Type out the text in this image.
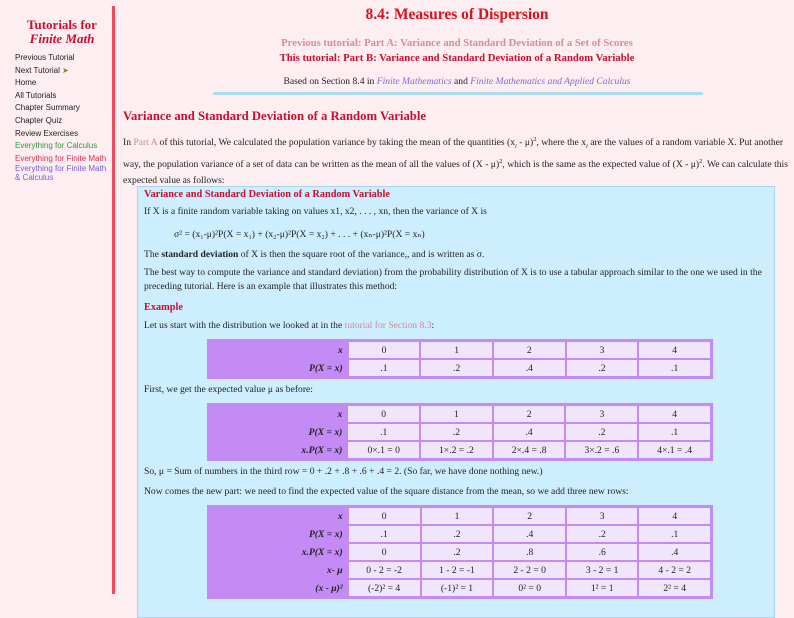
Tutorials for
Finite Math
Previous Tutorial
Next Tutorial ➤
Home
All Tutorials
Chapter Summary
Chapter Quiz
Review Exercises
Everything for Calculus
Everything for Finite Math
Everything for Finite Math & Calculus
8.4: Measures of Dispersion
Previous tutorial: Part A: Variance and Standard Deviation of a Set of Scores
This tutorial: Part B: Variance and Standard Deviation of a Random Variable
Based on Section 8.4 in Finite Mathematics and Finite Mathematics and Applied Calculus
Variance and Standard Deviation of a Random Variable
In Part A of this tutorial, We calculated the population variance by taking the mean of the quantities $(x_i - \mu)^2$, where the $x_i$ are the values of a random variable X. Put another way, the population variance of a set of data can be written as the mean of all the values of (X - μ)$^2$, which is the same as the expected value of (X - μ)$^2$. We can calculate this expected value as follows:
Variance and Standard Deviation of a Random Variable
If X is a finite random variable taking on values x1, x2, . . . , xn, then the variance of X is
σ² = (x₁-μ)²P(X = x₁) + (x₂-μ)²P(X = x₂) + . . . + (xₙ-μ)²P(X = xₙ)
The standard deviation of X is then the square root of the variance,, and is written as σ.
The best way to compute the variance and standard deviation) from the probability distribution of X is to use a tabular approach similar to the one we used in the preceding tutorial. Here is an example that illustrates this method:
Example
Let us start with the distribution we looked at in the tutorial for Section 8.3:
x	0	1	2	3	4
P(X = x)	.1	.2	.4	.2	.1
First, we get the expected value μ as before:
x	0	1	2	3	4
P(X = x)	.1	.2	.4	.2	.1
x.P(X = x)	0×.1 = 0	1×.2 = .2	2×.4 = .8	3×.2 = .6	4×.1 = .4
So, μ = Sum of numbers in the third row = 0 + .2 + .8 + .6 + .4 = 2. (So far, we have done nothing new.)
Now comes the new part: we need to find the expected value of the square distance from the mean, so we add three new rows:
x	0	1	2	3	4
P(X = x)	.1	.2	.4	.2	.1
x.P(X = x)	0	.2	.8	.6	.4
x- μ	0 - 2 = -2	1 - 2 = -1	2 - 2 = 0	3 - 2 = 1	4 - 2 = 2
(x - μ)²	(-2)² = 4	(-1)² = 1	0² = 0	1² = 1	2² = 4
